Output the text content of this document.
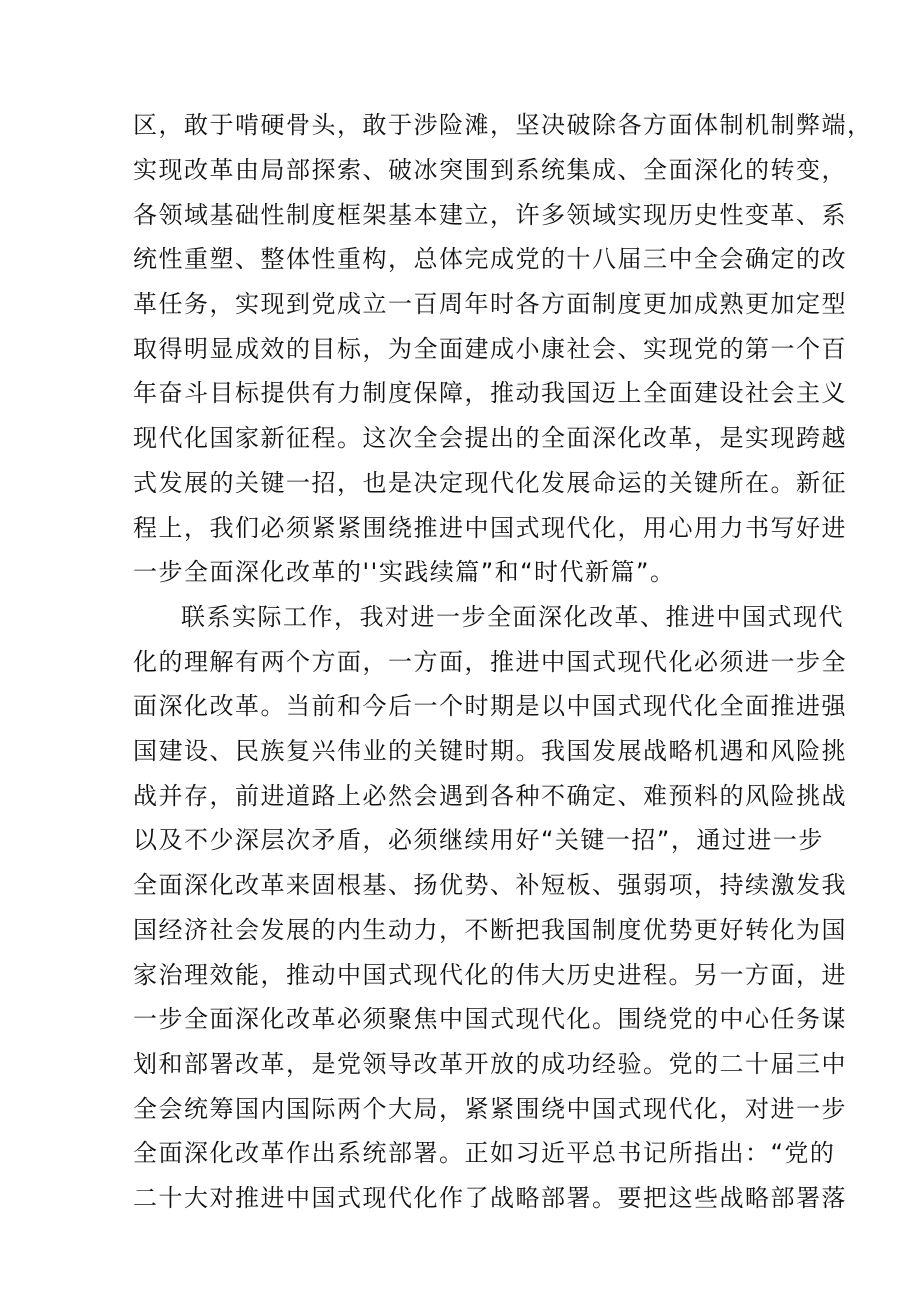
区，敢于啃硬骨头，敢于涉险滩，坚决破除各方面体制机制弊端，
实现改革由局部探索、破冰突围到系统集成、全面深化的转变，
各领域基础性制度框架基本建立，许多领域实现历史性变革、系
统性重塑、整体性重构，总体完成党的十八届三中全会确定的改
革任务，实现到党成立一百周年时各方面制度更加成熟更加定型
取得明显成效的目标，为全面建成小康社会、实现党的第一个百
年奋斗目标提供有力制度保障，推动我国迈上全面建设社会主义
现代化国家新征程。这次全会提出的全面深化改革，是实现跨越
式发展的关键一招，也是决定现代化发展命运的关键所在。新征
程上，我们必须紧紧围绕推进中国式现代化，用心用力书写好进
一步全面深化改革的''实践续篇”和“时代新篇”。
联系实际工作，我对进一步全面深化改革、推进中国式现代
化的理解有两个方面，一方面，推进中国式现代化必须进一步全
面深化改革。当前和今后一个时期是以中国式现代化全面推进强
国建设、民族复兴伟业的关键时期。我国发展战略机遇和风险挑
战并存，前进道路上必然会遇到各种不确定、难预料的风险挑战
以及不少深层次矛盾，必须继续用好“关键一招”，通过进一步
全面深化改革来固根基、扬优势、补短板、强弱项，持续激发我
国经济社会发展的内生动力，不断把我国制度优势更好转化为国
家治理效能，推动中国式现代化的伟大历史进程。另一方面，进
一步全面深化改革必须聚焦中国式现代化。围绕党的中心任务谋
划和部署改革，是党领导改革开放的成功经验。党的二十届三中
全会统筹国内国际两个大局，紧紧围绕中国式现代化，对进一步
全面深化改革作出系统部署。正如习近平总书记所指出：“党的
二十大对推进中国式现代化作了战略部署。要把这些战略部署落
